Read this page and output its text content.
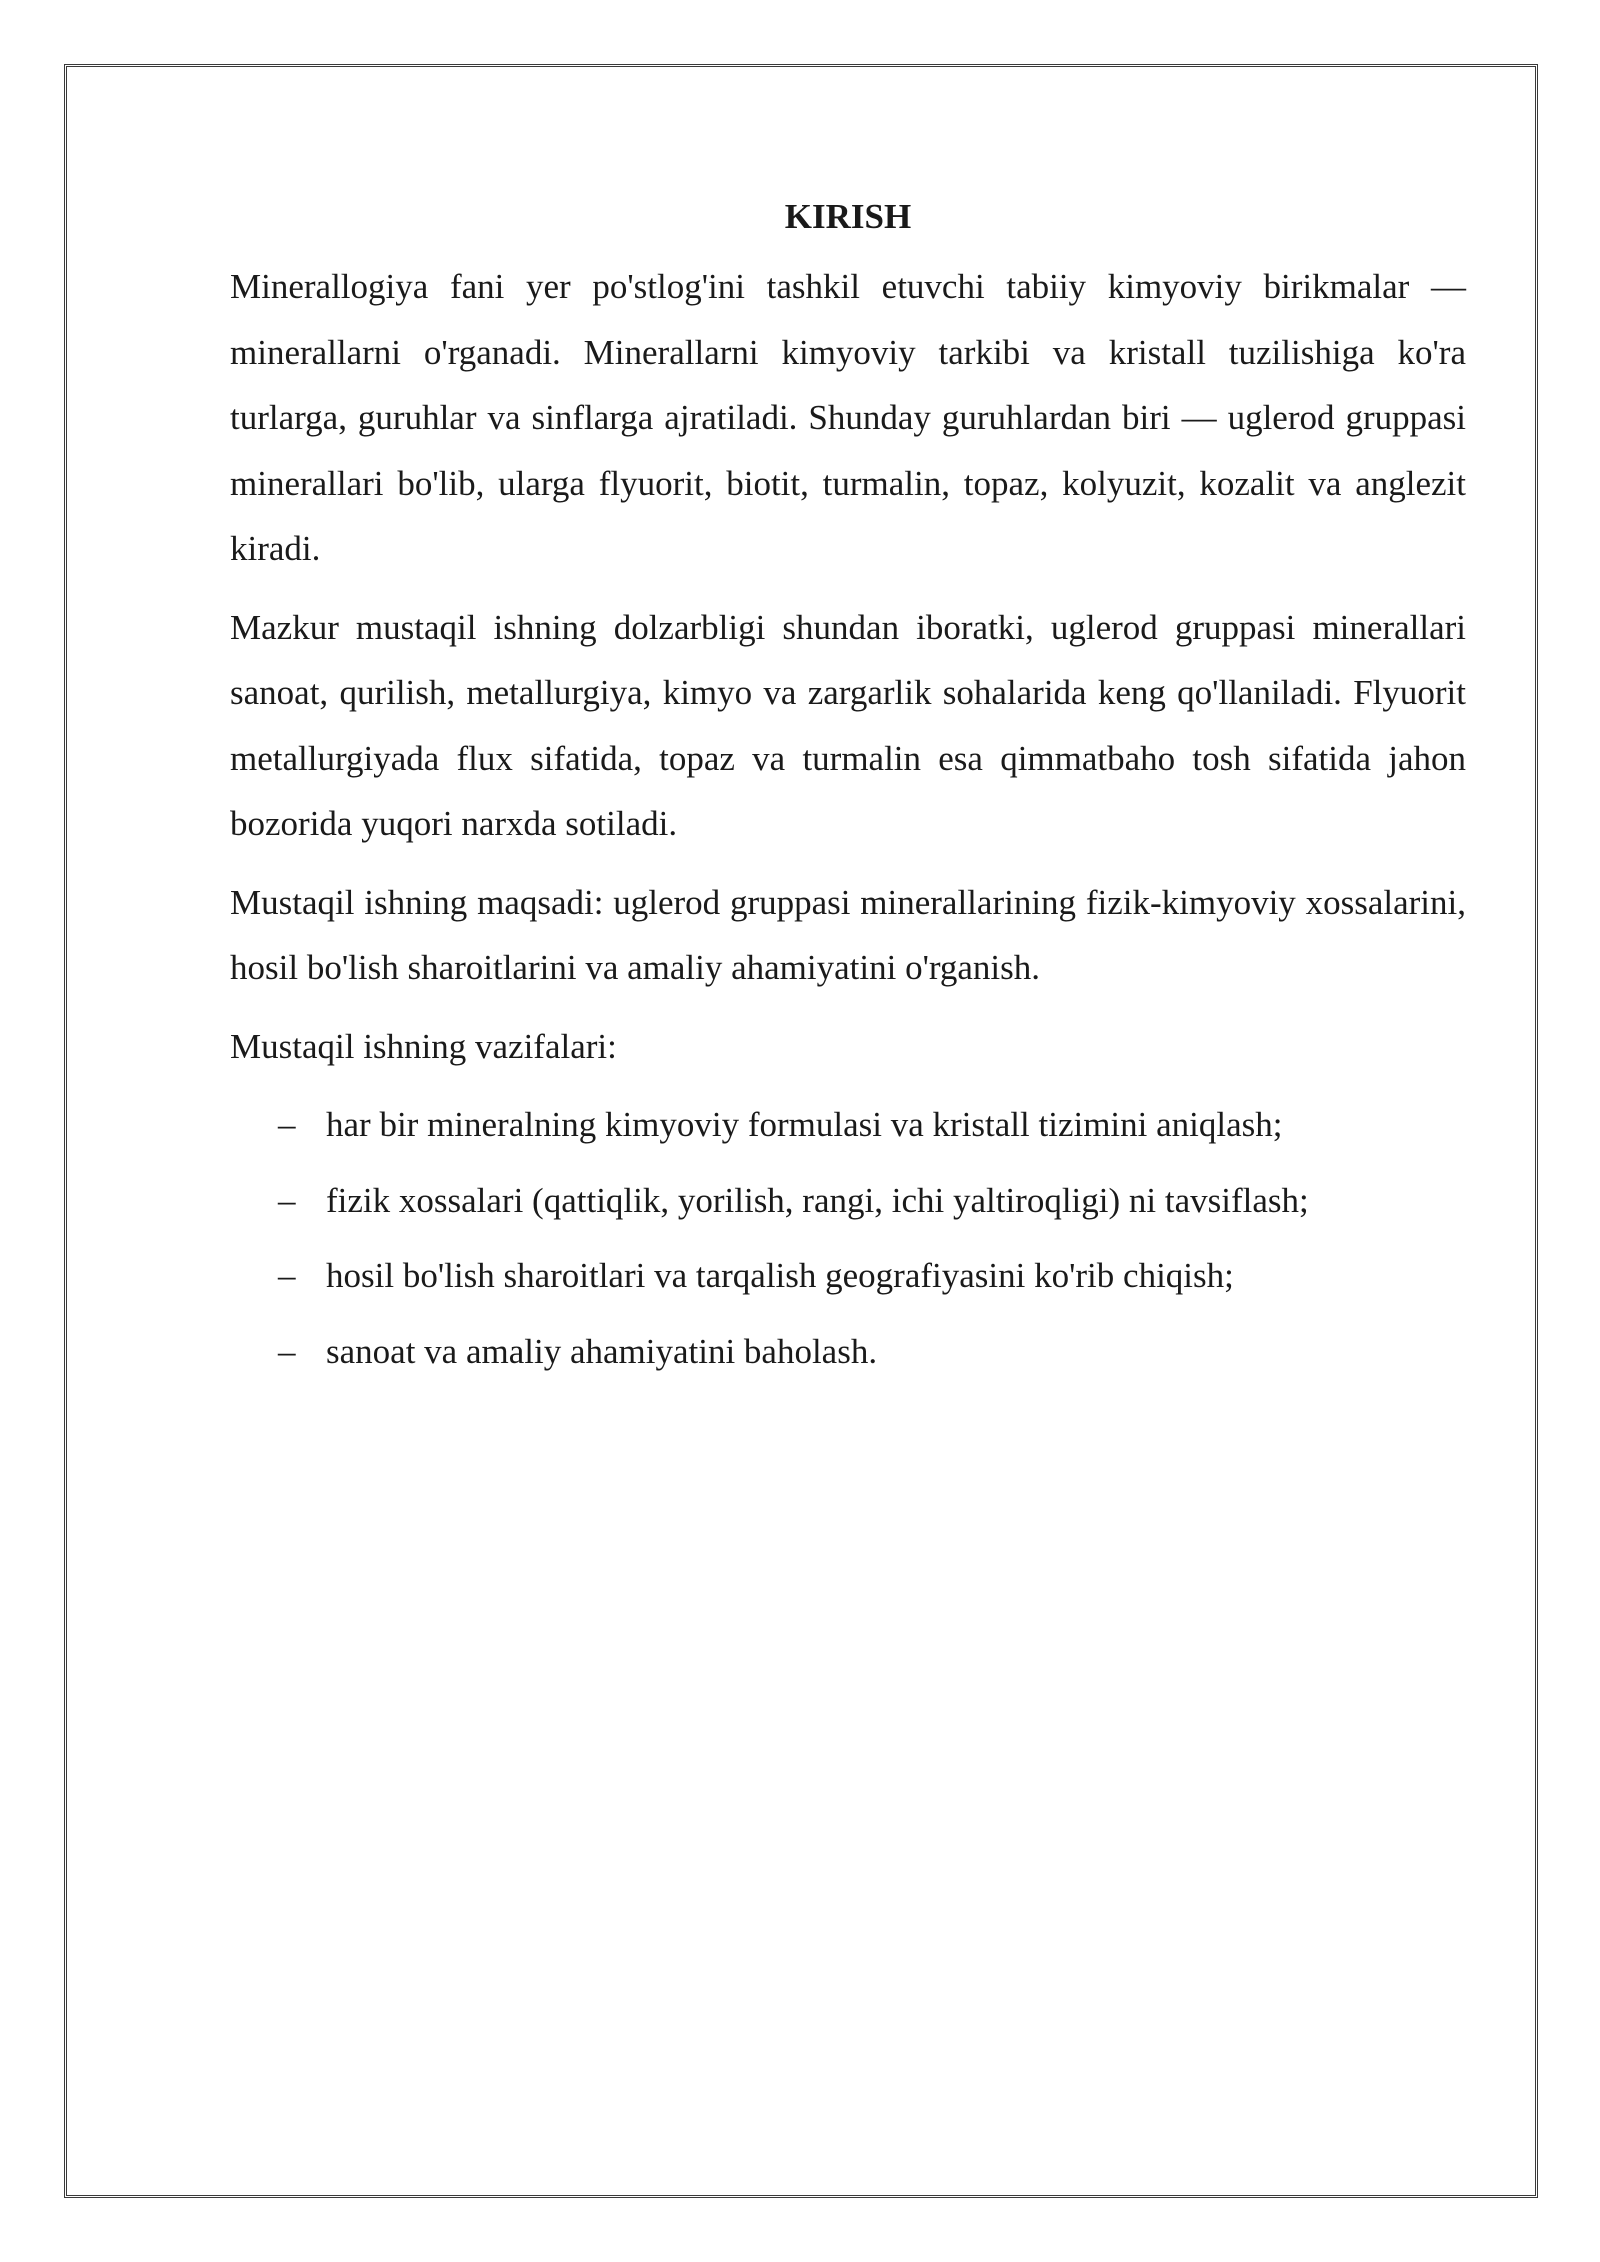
KIRISH

Minerallogiya fani yer po'stlog'ini tashkil etuvchi tabiiy kimyoviy birikmalar — minerallarni o'rganadi. Minerallarni kimyoviy tarkibi va kristall tuzilishiga ko'ra turlarga, guruhlar va sinflarga ajratiladi. Shunday guruhlardan biri — uglerod gruppasi minerallari bo'lib, ularga flyuorit, biotit, turmalin, topaz, kolyuzit, kozalit va anglezit kiradi.

Mazkur mustaqil ishning dolzarbligi shundan iboratki, uglerod gruppasi minerallari sanoat, qurilish, metallurgiya, kimyo va zargarlik sohalarida keng qo'llaniladi. Flyuorit metallurgiyada flux sifatida, topaz va turmalin esa qimmatbaho tosh sifatida jahon bozorida yuqori narxda sotiladi.

Mustaqil ishning maqsadi: uglerod gruppasi minerallarining fizik-kimyoviy xossalarini, hosil bo'lish sharoitlarini va amaliy ahamiyatini o'rganish.

Mustaqil ishning vazifalari:

– har bir mineralning kimyoviy formulasi va kristall tizimini aniqlash;
– fizik xossalari (qattiqlik, yorilish, rangi, ichi yaltiroqligi) ni tavsiflash;
– hosil bo'lish sharoitlari va tarqalish geografiyasini ko'rib chiqish;
– sanoat va amaliy ahamiyatini baholash.
